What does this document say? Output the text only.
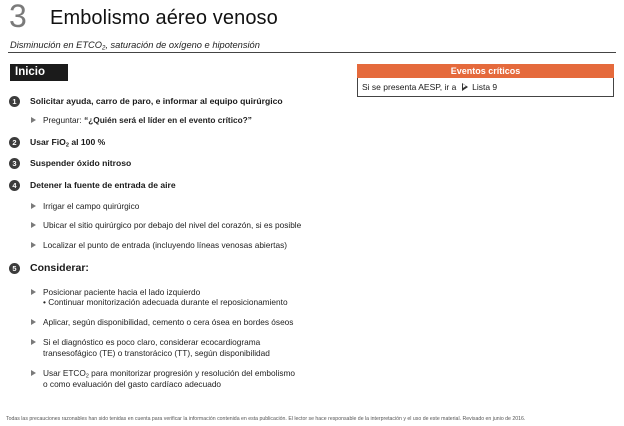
3 Embolismo aéreo venoso
Disminución en $ETCO_2$, saturación de oxígeno e hipotensión
Inicio	Eventos críticos
Si se presenta AESP, ir a Lista 9
1	Solicitar ayuda, carro de paro, e informar al equipo quirúrgico
Preguntar: “¿Quién será el líder en el evento crítico?”
2	Usar FiO$_2$ al 100 %
3	Suspender óxido nitroso
4	Detener la fuente de entrada de aire
Irrigar el campo quirúrgico
Ubicar el sitio quirúrgico por debajo del nivel del corazón, si es posible
Localizar el punto de entrada (incluyendo líneas venosas abiertas)
5	Considerar:
Posicionar paciente hacia el lado izquierdo
• Continuar monitorización adecuada durante el reposicionamiento
Aplicar, según disponibilidad, cemento o cera ósea en bordes óseos
Si el diagnóstico es poco claro, considerar ecocardiograma
transesofágico (TE) o transtorácico (TT), según disponibilidad
Usar $ETCO_2$ para monitorizar progresión y resolución del embolismo
o como evaluación del gasto cardíaco adecuado
Todas las precauciones razonables han sido tenidas en cuenta para verificar la información contenida en esta publicación. El lector se hace responsable de la interpretación y el uso de este material. Revisado en junio de 2016.
